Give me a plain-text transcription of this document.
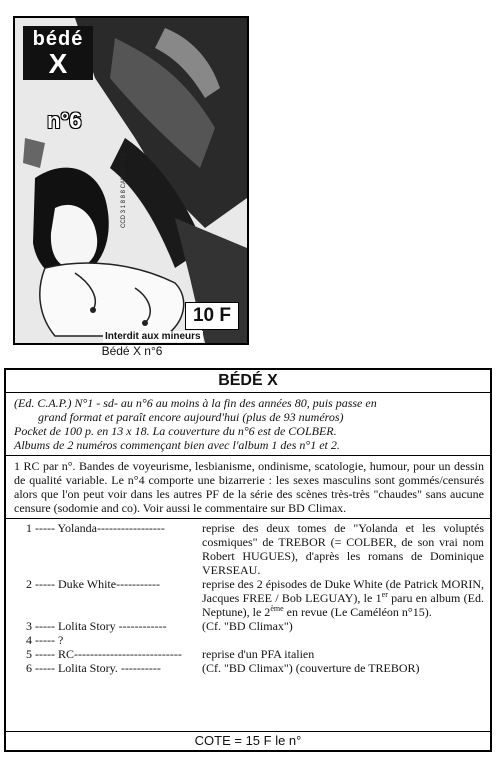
bédé
X
n°6
CCD 3 1 8 8 8 CANADA 4.50
10 F
Interdit aux mineurs
Bédé X n°6
BÉDÉ X

(Ed. C.A.P.) N°1 - sd- au n°6 au moins à la fin des années 80, puis passe en

grand format et paraît encore aujourd'hui (plus de 93 numéros)

Pocket de 100 p. en 13 x 18. La couverture du n°6 est de COLBER.

Albums de 2 numéros commençant bien avec l'album 1 des n°1 et 2.

1 RC par n°. Bandes de voyeurisme, lesbianisme, ondinisme, scatologie, humour, pour un dessin de qualité variable. Le n°4 comporte une bizarrerie : les sexes masculins sont gommés/censurés alors que l'on peut voir dans les autres PF de la série des scènes très-très "chaudes" sans aucune censure (sodomie and co). Voir aussi le commentaire sur BD Climax.
1 ----- Yolanda-----------------	reprise des deux tomes de "Yolanda et les voluptés cosmiques" de TREBOR (= COLBER, de son vrai nom Robert HUGUES), d'après les romans de Dominique VERSEAU.
2 ----- Duke White-----------	reprise des 2 épisodes de Duke White (de Patrick MORIN, Jacques FREE / Bob LEGUAY), le 1er paru en album (Ed. Neptune), le 2ème en revue (Le Caméléon n°15).
3 ----- Lolita Story ------------	(Cf. "BD Climax")
4 ----- ?
5 ----- RC---------------------------	reprise d'un PFA italien
6 ----- Lolita Story. ----------	(Cf. "BD Climax") (couverture de TREBOR)
COTE = 15 F le n°
